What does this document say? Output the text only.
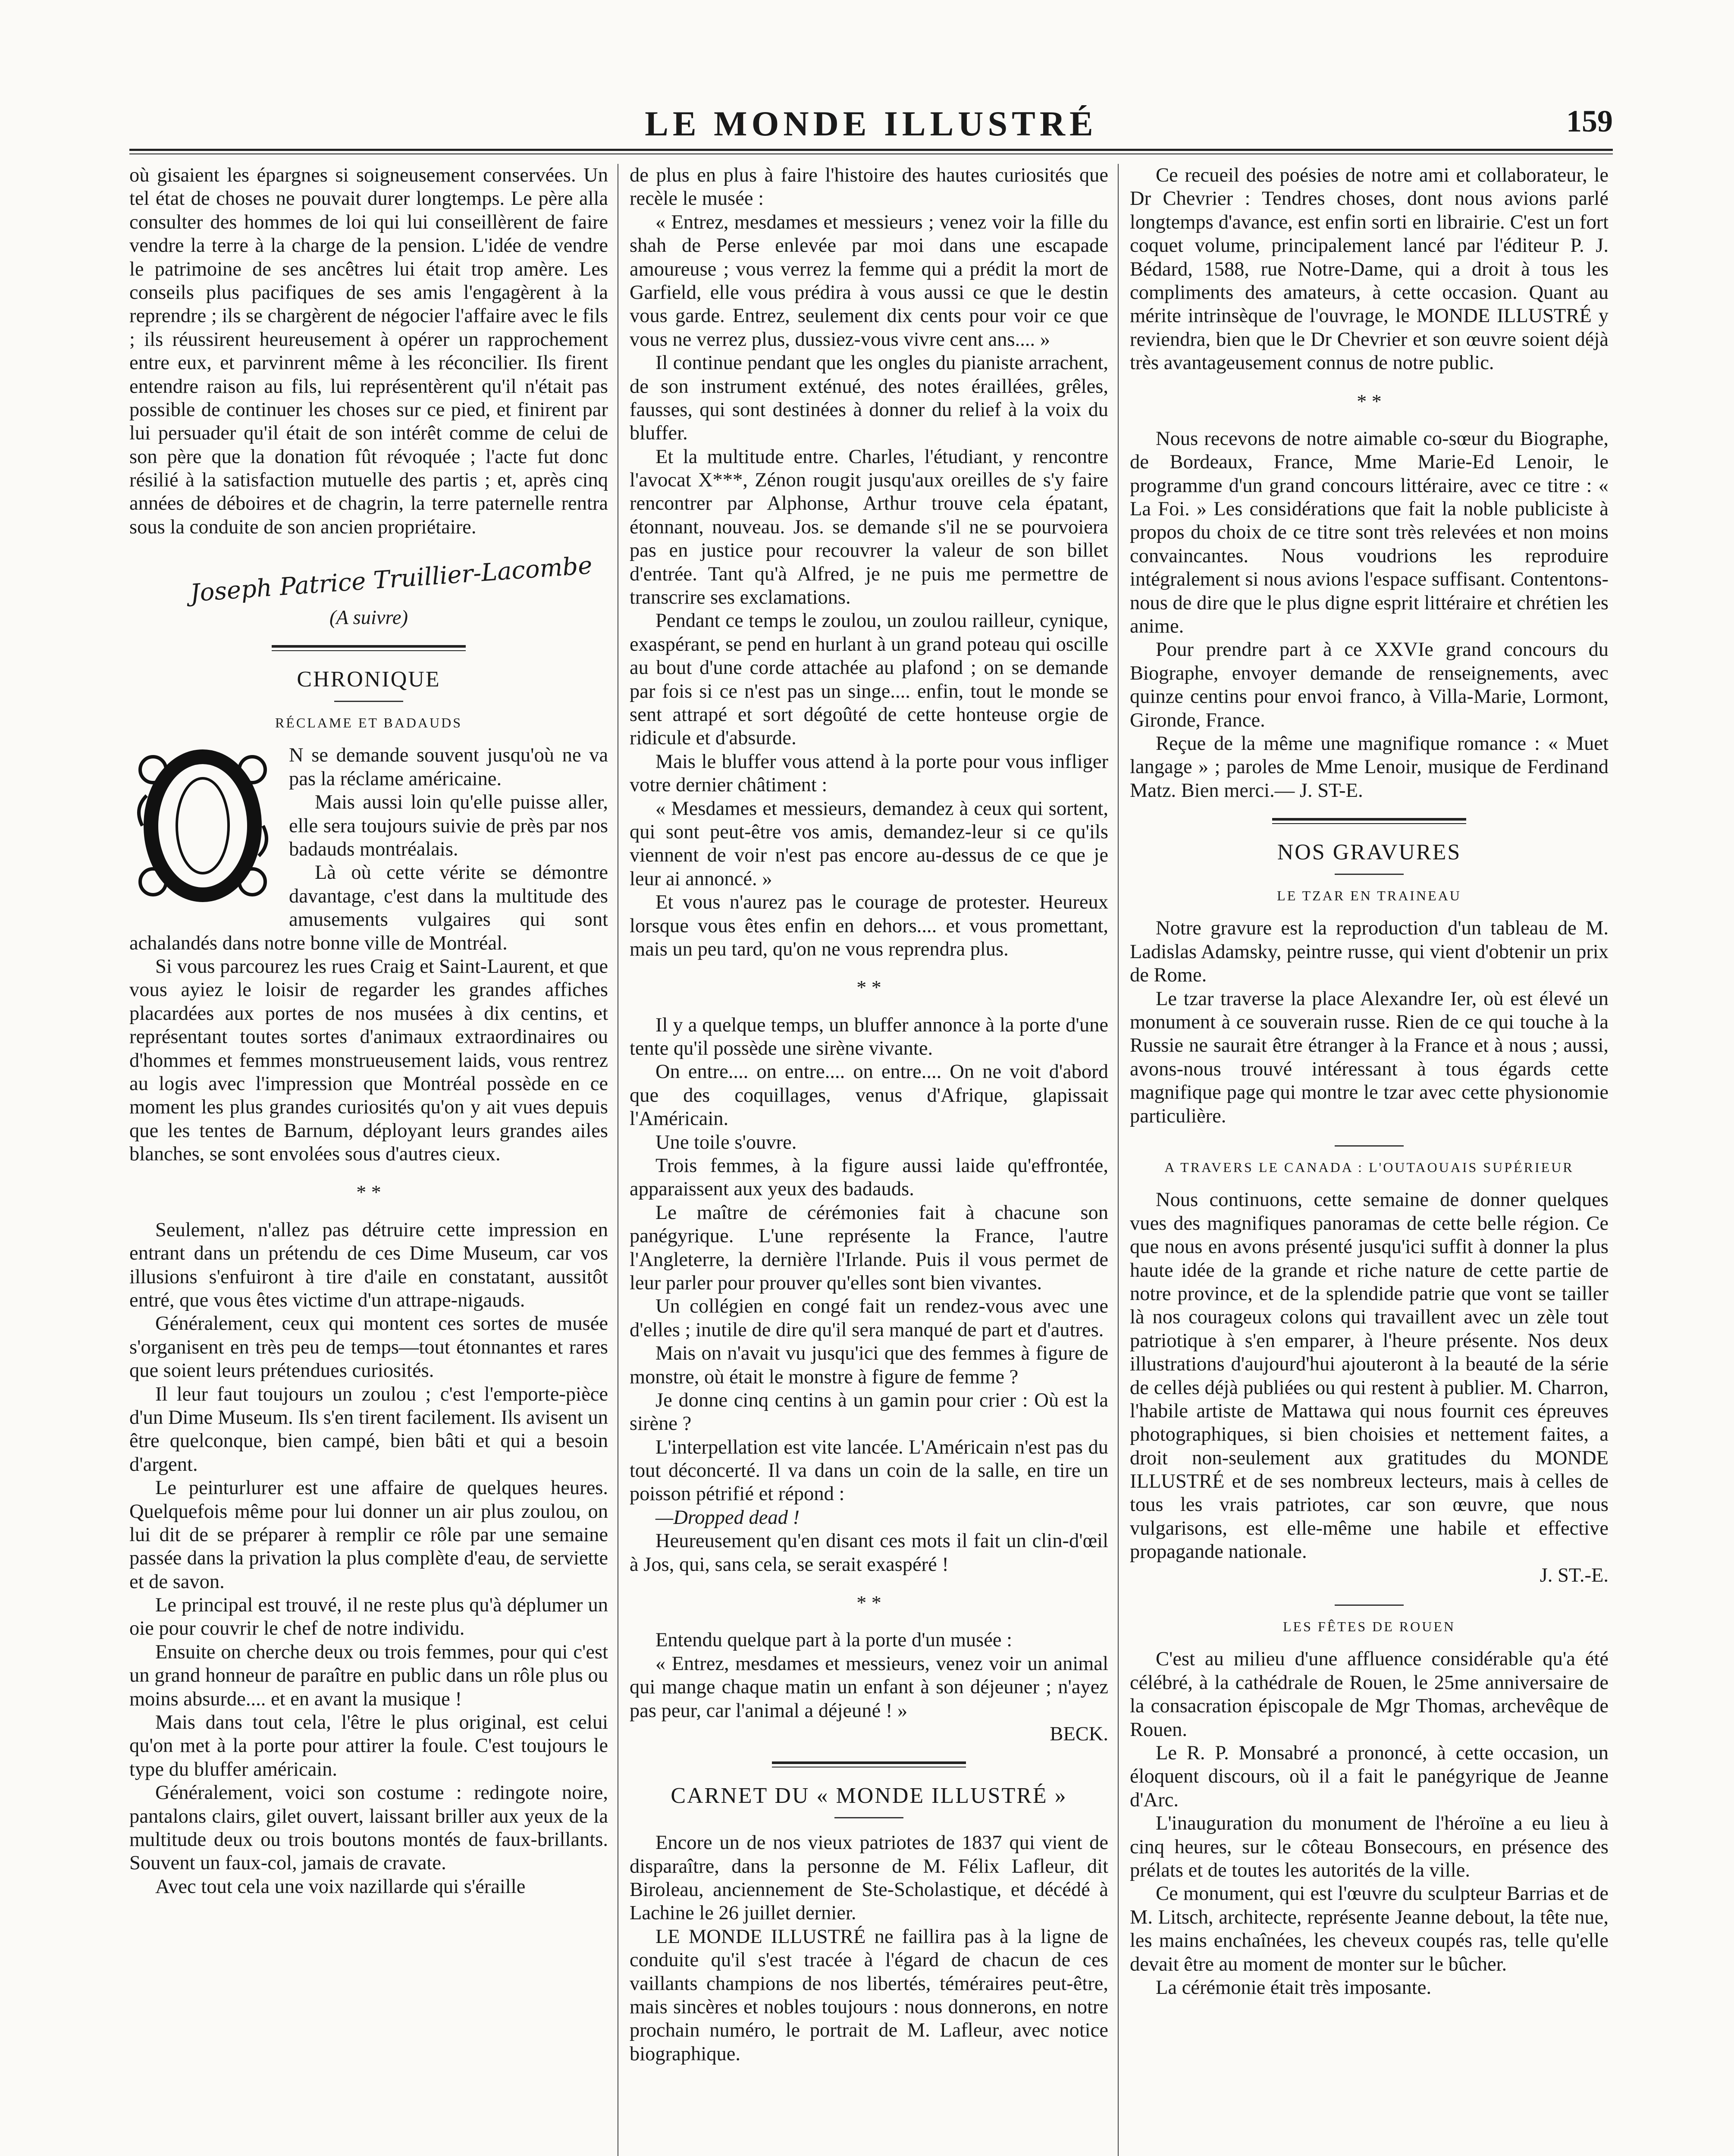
LE MONDE ILLUSTRÉ	159

où gisaient les épargnes si soigneusement conservées. Un tel état de choses ne pouvait durer longtemps. Le père alla consulter des hommes de loi qui lui conseillèrent de faire vendre la terre à la charge de la pension. L'idée de vendre le patrimoine de ses ancêtres lui était trop amère. Les conseils plus pacifiques de ses amis l'engagèrent à la reprendre ; ils se chargèrent de négocier l'affaire avec le fils ; ils réussirent heureusement à opérer un rapprochement entre eux, et parvinrent même à les réconcilier. Ils firent entendre raison au fils, lui représentèrent qu'il n'était pas possible de continuer les choses sur ce pied, et finirent par lui persuader qu'il était de son intérêt comme de celui de son père que la donation fût révoquée ; l'acte fut donc résilié à la satisfaction mutuelle des partis ; et, après cinq années de déboires et de chagrin, la terre paternelle rentra sous la conduite de son ancien propriétaire.

Joseph Patrice Truillier-Lacombe
(A suivre)
CHRONIQUE
RÉCLAME ET BADAUDS
O

N se demande souvent jusqu'où ne va pas la réclame américaine.

Mais aussi loin qu'elle puisse aller, elle sera toujours suivie de près par nos badauds montréalais.

Là où cette vérite se démontre davantage, c'est dans la multitude des amusements vulgaires qui sont achalandés dans notre bonne ville de Montréal.

Si vous parcourez les rues Craig et Saint-Laurent, et que vous ayiez le loisir de regarder les grandes affiches placardées aux portes de nos musées à dix centins, et représentant toutes sortes d'animaux extraordinaires ou d'hommes et femmes monstrueusement laids, vous rentrez au logis avec l'impression que Montréal possède en ce moment les plus grandes curiosités qu'on y ait vues depuis que les tentes de Barnum, déployant leurs grandes ailes blanches, se sont envolées sous d'autres cieux.

* *

Seulement, n'allez pas détruire cette impression en entrant dans un prétendu de ces Dime Museum, car vos illusions s'enfuiront à tire d'aile en constatant, aussitôt entré, que vous êtes victime d'un attrape-nigauds.

Généralement, ceux qui montent ces sortes de musée s'organisent en très peu de temps—tout étonnantes et rares que soient leurs prétendues curiosités.

Il leur faut toujours un zoulou ; c'est l'emporte-pièce d'un Dime Museum. Ils s'en tirent facilement. Ils avisent un être quelconque, bien campé, bien bâti et qui a besoin d'argent.

Le peinturlurer est une affaire de quelques heures. Quelquefois même pour lui donner un air plus zoulou, on lui dit de se préparer à remplir ce rôle par une semaine passée dans la privation la plus complète d'eau, de serviette et de savon.

Le principal est trouvé, il ne reste plus qu'à déplumer un oie pour couvrir le chef de notre individu.

Ensuite on cherche deux ou trois femmes, pour qui c'est un grand honneur de paraître en public dans un rôle plus ou moins absurde.... et en avant la musique !

Mais dans tout cela, l'être le plus original, est celui qu'on met à la porte pour attirer la foule. C'est toujours le type du bluffer américain.

Généralement, voici son costume : redingote noire, pantalons clairs, gilet ouvert, laissant briller aux yeux de la multitude deux ou trois boutons montés de faux-brillants. Souvent un faux-col, jamais de cravate.

Avec tout cela une voix nazillarde qui s'éraille

de plus en plus à faire l'histoire des hautes curiosités que recèle le musée :

« Entrez, mesdames et messieurs ; venez voir la fille du shah de Perse enlevée par moi dans une escapade amoureuse ; vous verrez la femme qui a prédit la mort de Garfield, elle vous prédira à vous aussi ce que le destin vous garde. Entrez, seulement dix cents pour voir ce que vous ne verrez plus, dussiez-vous vivre cent ans.... »

Il continue pendant que les ongles du pianiste arrachent, de son instrument exténué, des notes éraillées, grêles, fausses, qui sont destinées à donner du relief à la voix du bluffer.

Et la multitude entre. Charles, l'étudiant, y rencontre l'avocat X***, Zénon rougit jusqu'aux oreilles de s'y faire rencontrer par Alphonse, Arthur trouve cela épatant, étonnant, nouveau. Jos. se demande s'il ne se pourvoiera pas en justice pour recouvrer la valeur de son billet d'entrée. Tant qu'à Alfred, je ne puis me permettre de transcrire ses exclamations.

Pendant ce temps le zoulou, un zoulou railleur, cynique, exaspérant, se pend en hurlant à un grand poteau qui oscille au bout d'une corde attachée au plafond ; on se demande par fois si ce n'est pas un singe.... enfin, tout le monde se sent attrapé et sort dégoûté de cette honteuse orgie de ridicule et d'absurde.

Mais le bluffer vous attend à la porte pour vous infliger votre dernier châtiment :

« Mesdames et messieurs, demandez à ceux qui sortent, qui sont peut-être vos amis, demandez-leur si ce qu'ils viennent de voir n'est pas encore au-dessus de ce que je leur ai annoncé. »

Et vous n'aurez pas le courage de protester. Heureux lorsque vous êtes enfin en dehors.... et vous promettant, mais un peu tard, qu'on ne vous reprendra plus.

* *

Il y a quelque temps, un bluffer annonce à la porte d'une tente qu'il possède une sirène vivante.

On entre.... on entre.... on entre.... On ne voit d'abord que des coquillages, venus d'Afrique, glapissait l'Américain.

Une toile s'ouvre.

Trois femmes, à la figure aussi laide qu'effrontée, apparaissent aux yeux des badauds.

Le maître de cérémonies fait à chacune son panégyrique. L'une représente la France, l'autre l'Angleterre, la dernière l'Irlande. Puis il vous permet de leur parler pour prouver qu'elles sont bien vivantes.

Un collégien en congé fait un rendez-vous avec une d'elles ; inutile de dire qu'il sera manqué de part et d'autres.

Mais on n'avait vu jusqu'ici que des femmes à figure de monstre, où était le monstre à figure de femme ?

Je donne cinq centins à un gamin pour crier : Où est la sirène ?

L'interpellation est vite lancée. L'Américain n'est pas du tout déconcerté. Il va dans un coin de la salle, en tire un poisson pétrifié et répond :

—Dropped dead !

Heureusement qu'en disant ces mots il fait un clin-d'œil à Jos, qui, sans cela, se serait exaspéré !

* *

Entendu quelque part à la porte d'un musée :

« Entrez, mesdames et messieurs, venez voir un animal qui mange chaque matin un enfant à son déjeuner ; n'ayez pas peur, car l'animal a déjeuné ! »

BECK.
CARNET DU « MONDE ILLUSTRÉ »

Encore un de nos vieux patriotes de 1837 qui vient de disparaître, dans la personne de M. Félix Lafleur, dit Biroleau, anciennement de Ste-Scholastique, et décédé à Lachine le 26 juillet dernier.

LE MONDE ILLUSTRÉ ne faillira pas à la ligne de conduite qu'il s'est tracée à l'égard de chacun de ces vaillants champions de nos libertés, téméraires peut-être, mais sincères et nobles toujours : nous donnerons, en notre prochain numéro, le portrait de M. Lafleur, avec notice biographique.

Ce recueil des poésies de notre ami et collaborateur, le Dr Chevrier : Tendres choses, dont nous avions parlé longtemps d'avance, est enfin sorti en librairie. C'est un fort coquet volume, principalement lancé par l'éditeur P. J. Bédard, 1588, rue Notre-Dame, qui a droit à tous les compliments des amateurs, à cette occasion. Quant au mérite intrinsèque de l'ouvrage, le MONDE ILLUSTRÉ y reviendra, bien que le Dr Chevrier et son œuvre soient déjà très avantageusement connus de notre public.

* *

Nous recevons de notre aimable co-sœur du Biographe, de Bordeaux, France, Mme Marie-Ed Lenoir, le programme d'un grand concours littéraire, avec ce titre : « La Foi. » Les considérations que fait la noble publiciste à propos du choix de ce titre sont très relevées et non moins convaincantes. Nous voudrions les reproduire intégralement si nous avions l'espace suffisant. Contentons-nous de dire que le plus digne esprit littéraire et chrétien les anime.

Pour prendre part à ce XXVIe grand concours du Biographe, envoyer demande de renseignements, avec quinze centins pour envoi franco, à Villa-Marie, Lormont, Gironde, France.

Reçue de la même une magnifique romance : « Muet langage » ; paroles de Mme Lenoir, musique de Ferdinand Matz. Bien merci.— J. ST-E.

NOS GRAVURES
LE TZAR EN TRAINEAU

Notre gravure est la reproduction d'un tableau de M. Ladislas Adamsky, peintre russe, qui vient d'obtenir un prix de Rome.

Le tzar traverse la place Alexandre Ier, où est élevé un monument à ce souverain russe. Rien de ce qui touche à la Russie ne saurait être étranger à la France et à nous ; aussi, avons-nous trouvé intéressant à tous égards cette magnifique page qui montre le tzar avec cette physionomie particulière.

A TRAVERS LE CANADA : L'OUTAOUAIS SUPÉRIEUR

Nous continuons, cette semaine de donner quelques vues des magnifiques panoramas de cette belle région. Ce que nous en avons présenté jusqu'ici suffit à donner la plus haute idée de la grande et riche nature de cette partie de notre province, et de la splendide patrie que vont se tailler là nos courageux colons qui travaillent avec un zèle tout patriotique à s'en emparer, à l'heure présente. Nos deux illustrations d'aujourd'hui ajouteront à la beauté de la série de celles déjà publiées ou qui restent à publier. M. Charron, l'habile artiste de Mattawa qui nous fournit ces épreuves photographiques, si bien choisies et nettement faites, a droit non-seulement aux gratitudes du MONDE ILLUSTRÉ et de ses nombreux lecteurs, mais à celles de tous les vrais patriotes, car son œuvre, que nous vulgarisons, est elle-même une habile et effective propagande nationale.

J. ST.-E.
LES FÊTES DE ROUEN

C'est au milieu d'une affluence considérable qu'a été célébré, à la cathédrale de Rouen, le 25me anniversaire de la consacration épiscopale de Mgr Thomas, archevêque de Rouen.

Le R. P. Monsabré a prononcé, à cette occasion, un éloquent discours, où il a fait le panégyrique de Jeanne d'Arc.

L'inauguration du monument de l'héroïne a eu lieu à cinq heures, sur le côteau Bonsecours, en présence des prélats et de toutes les autorités de la ville.

Ce monument, qui est l'œuvre du sculpteur Barrias et de M. Litsch, architecte, représente Jeanne debout, la tête nue, les mains enchaînées, les cheveux coupés ras, telle qu'elle devait être au moment de monter sur le bûcher.

La cérémonie était très imposante.
